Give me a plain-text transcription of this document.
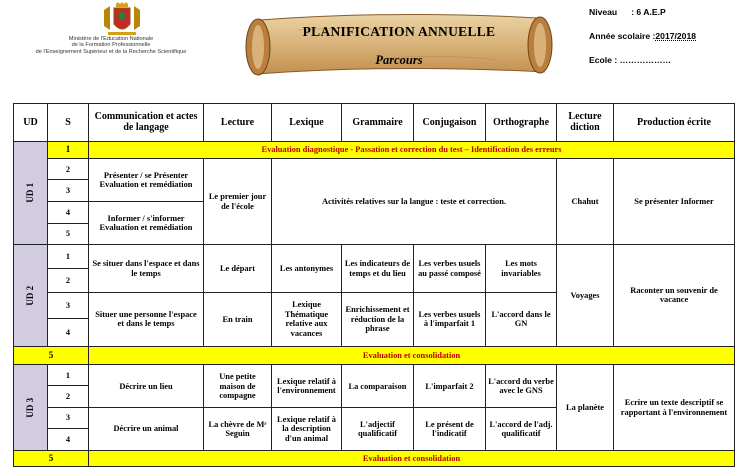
Ministère de l'Education Nationale
de la Formation Professionnelle
de l'Enseignement Supérieur et de la Recherche Scientifique
PLANIFICATION ANNUELLE
Parcours
Niveau : 6 A.E.P
Année scolaire :2017/2018
Ecole : ………………
UD	S	Communication et actes de langage	Lecture	Lexique	Grammaire	Conjugaison	Orthographe	Lecture diction	Production écrite
UD 1	1	Evaluation diagnostique - Passation et correction du test – Identification des erreurs							
	2	Présenter / se Présenter Evaluation et remédiation	Le premier jour de l'école	Activités relatives sur la langue : teste et correction.				Chahut	Se présenter Informer
	3								
	4	Informer / s'informer Evaluation et remédiation							
	5								
UD 2	1	Se situer dans l'espace et dans le temps	Le départ	Les antonymes	Les indicateurs de temps et du lieu	Les verbes usuels au passé composé	Les mots invariables	Voyages	Raconter un souvenir de vacance
	2								
	3	Situer une personne l'espace et dans le temps	En train	Lexique Thématique relative aux vacances	Enrichissement et réduction de la phrase	Les verbes usuels à l'imparfait 1	L'accord dans le GN		
	4								
5		Evaluation et consolidation							
UD 3	1	Décrire un lieu	Une petite maison de compagne	Lexique relatif à l'environnement	La comparaison	L'imparfait 2	L'accord du verbe avec le GNS	La planète	Ecrire un texte descriptif se rapportant à l'environnement
	2								
	3	Décrire un animal	La chèvre de Mʳ Seguin	Lexique relatif à la description d'un animal	L'adjectif qualificatif	Le présent de l'indicatif	L'accord de l'adj. qualificatif		
	4								
5		Evaluation et consolidation							
